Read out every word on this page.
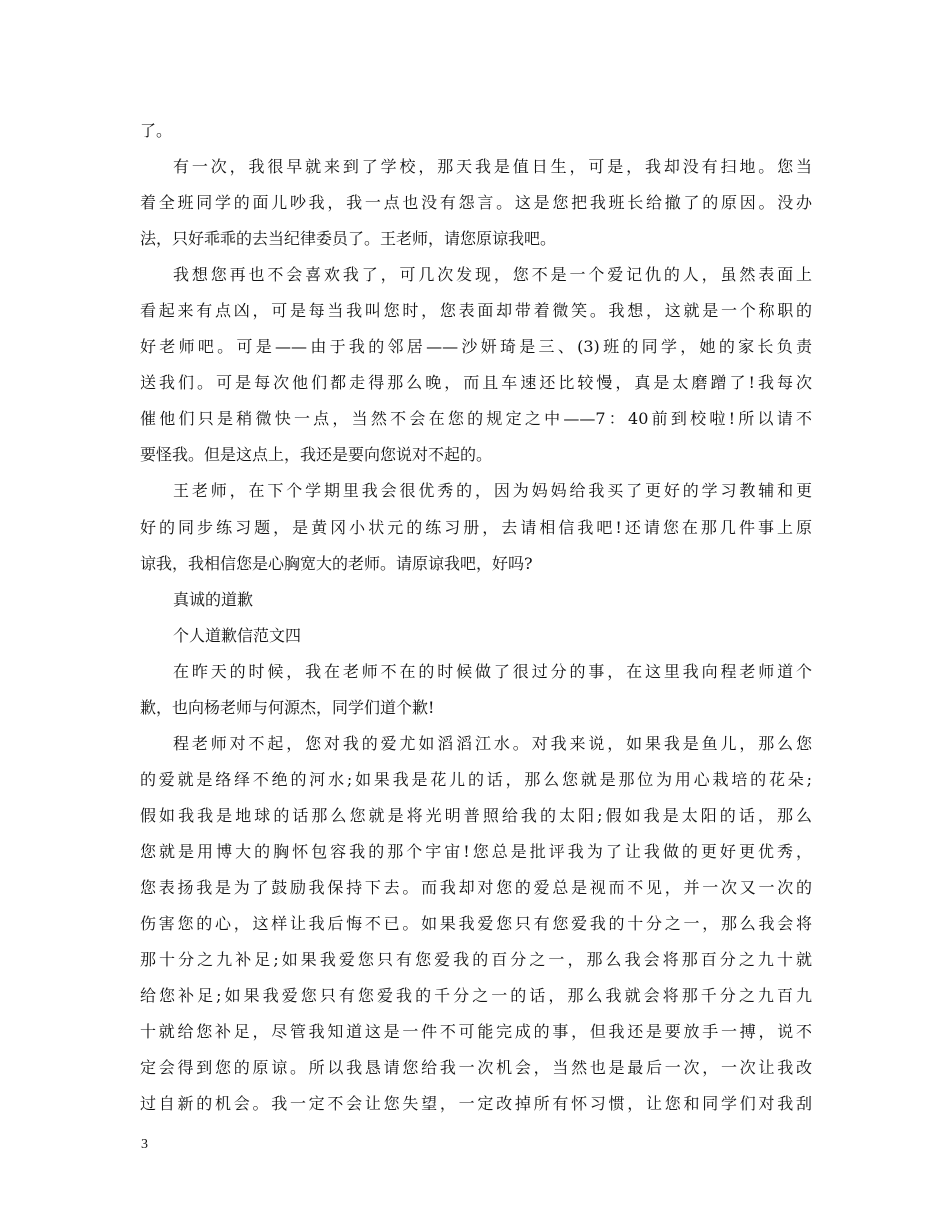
了。
有一次，我很早就来到了学校，那天我是值日生，可是，我却没有扫地。您当
着全班同学的面儿吵我，我一点也没有怨言。这是您把我班长给撤了的原因。没办
法，只好乖乖的去当纪律委员了。王老师，请您原谅我吧。
我想您再也不会喜欢我了，可几次发现，您不是一个爱记仇的人，虽然表面上
看起来有点凶，可是每当我叫您时，您表面却带着微笑。我想，这就是一个称职的
好老师吧。可是——由于我的邻居——沙妍琦是三、(3)班的同学，她的家长负责
送我们。可是每次他们都走得那么晚，而且车速还比较慢，真是太磨蹭了!我每次
催他们只是稍微快一点，当然不会在您的规定之中——7：40前到校啦!所以请不
要怪我。但是这点上，我还是要向您说对不起的。
王老师，在下个学期里我会很优秀的，因为妈妈给我买了更好的学习教辅和更
好的同步练习题，是黄冈小状元的练习册，去请相信我吧!还请您在那几件事上原
谅我，我相信您是心胸宽大的老师。请原谅我吧，好吗?
真诚的道歉
个人道歉信范文四
在昨天的时候，我在老师不在的时候做了很过分的事，在这里我向程老师道个
歉，也向杨老师与何源杰，同学们道个歉!
程老师对不起，您对我的爱尤如滔滔江水。对我来说，如果我是鱼儿，那么您
的爱就是络绎不绝的河水;如果我是花儿的话，那么您就是那位为用心栽培的花朵;
假如我我是地球的话那么您就是将光明普照给我的太阳;假如我是太阳的话，那么
您就是用博大的胸怀包容我的那个宇宙!您总是批评我为了让我做的更好更优秀，
您表扬我是为了鼓励我保持下去。而我却对您的爱总是视而不见，并一次又一次的
伤害您的心，这样让我后悔不已。如果我爱您只有您爱我的十分之一，那么我会将
那十分之九补足;如果我爱您只有您爱我的百分之一，那么我会将那百分之九十就
给您补足;如果我爱您只有您爱我的千分之一的话，那么我就会将那千分之九百九
十就给您补足，尽管我知道这是一件不可能完成的事，但我还是要放手一搏，说不
定会得到您的原谅。所以我恳请您给我一次机会，当然也是最后一次，一次让我改
过自新的机会。我一定不会让您失望，一定改掉所有怀习惯，让您和同学们对我刮
3
